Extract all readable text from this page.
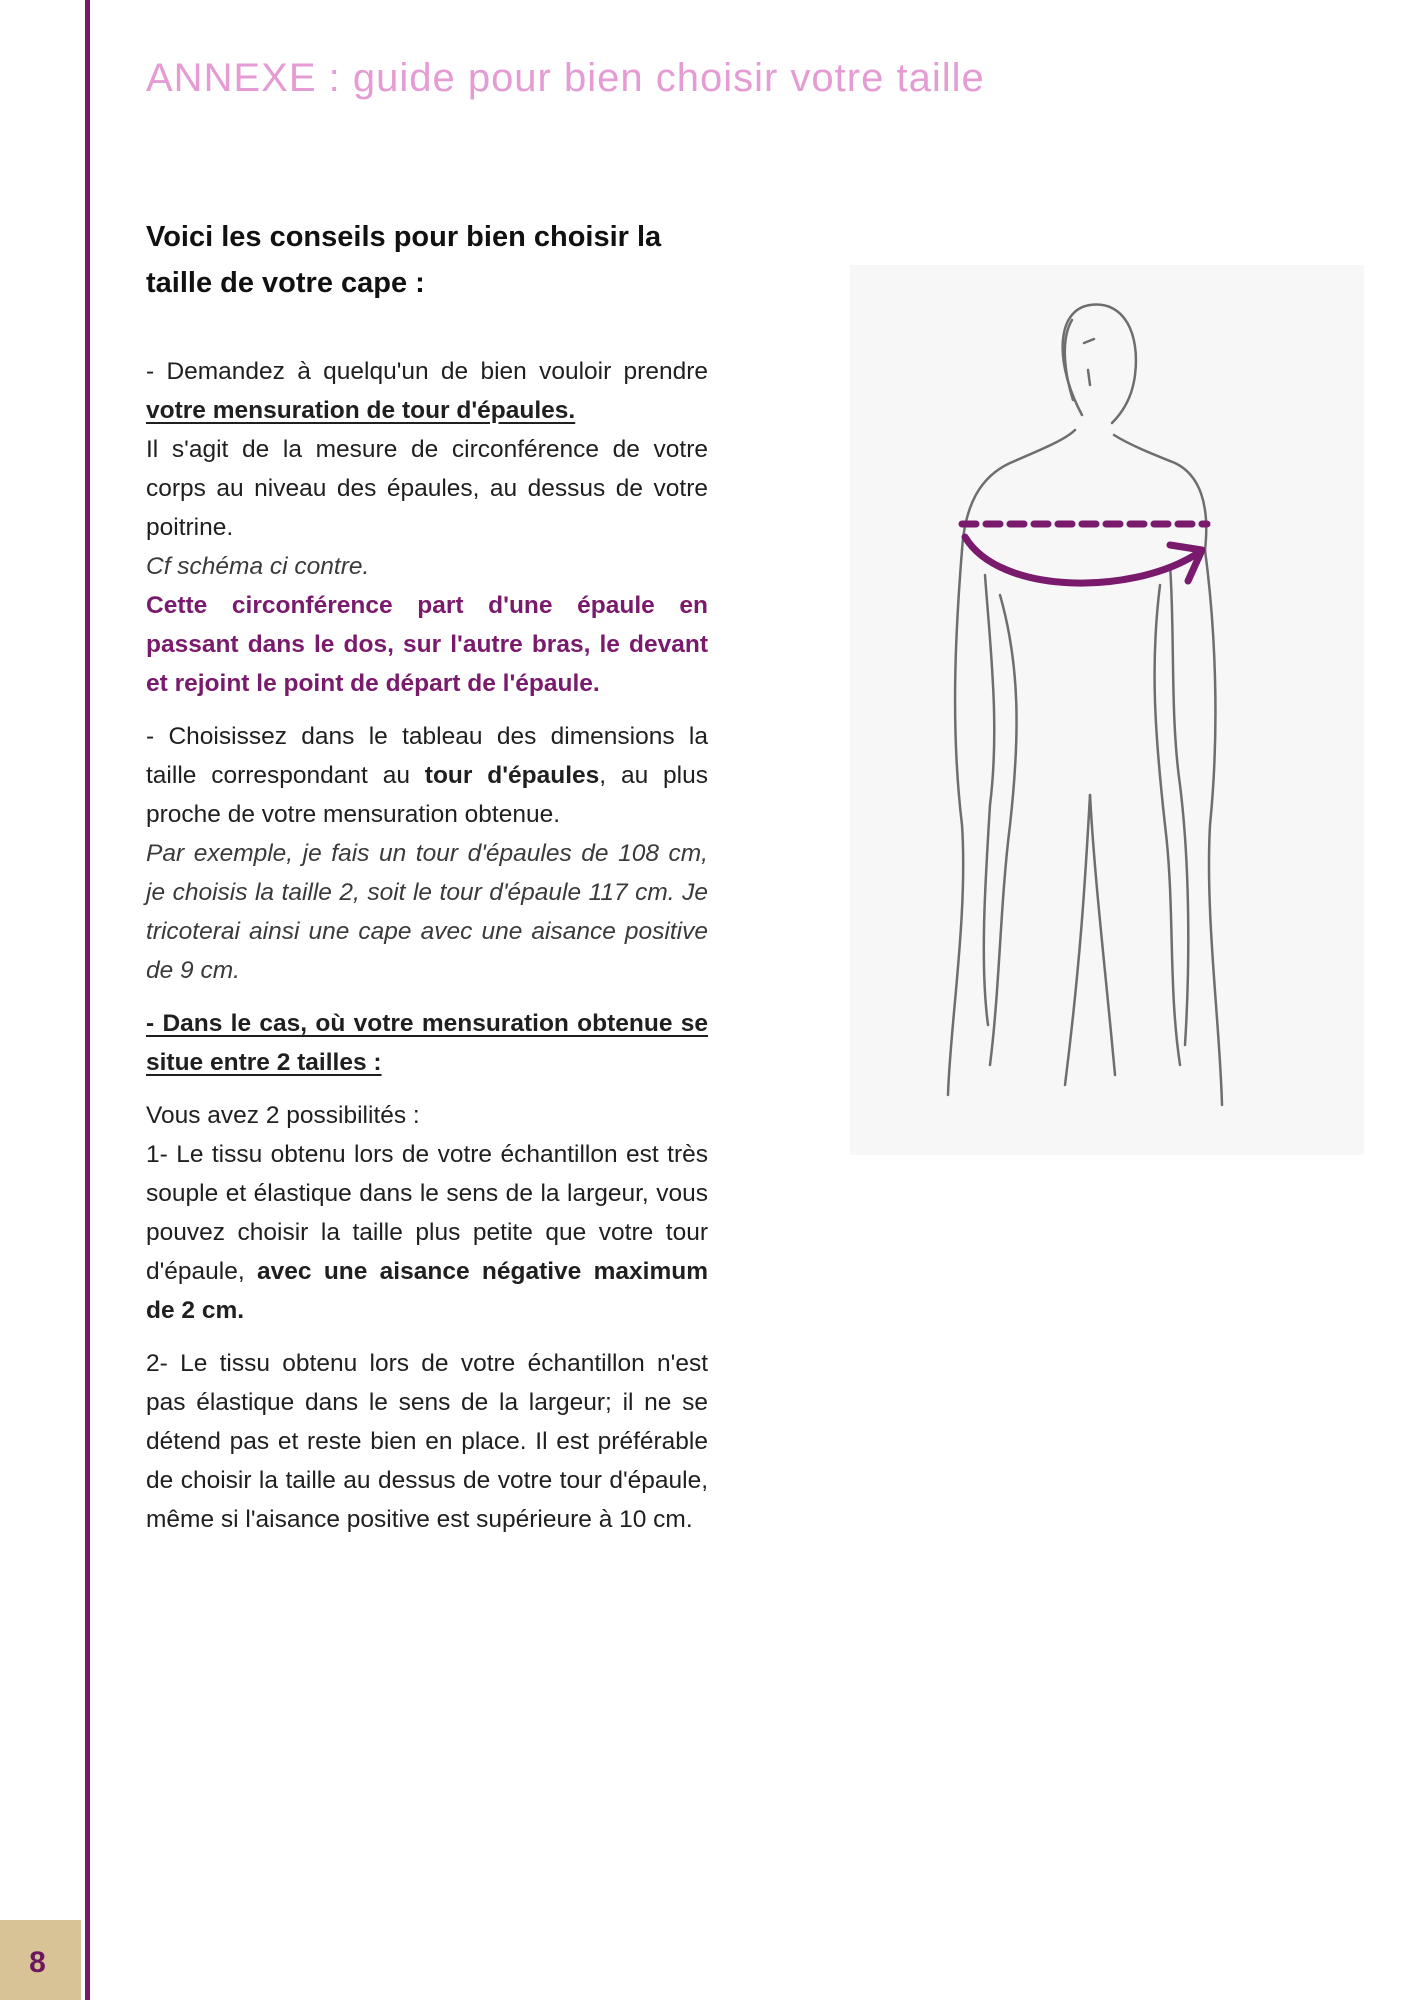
ANNEXE : guide pour bien choisir votre taille
Voici les conseils pour bien choisir la taille de votre cape :

- Demandez à quelqu'un de bien vouloir prendre votre mensuration de tour d'épaules.

Il s'agit de la mesure de circonférence de votre corps au niveau des épaules, au dessus de votre poitrine.

Cf schéma ci contre.

Cette circonférence part d'une épaule en passant dans le dos, sur l'autre bras, le devant et rejoint le point de départ de l'épaule.

- Choisissez dans le tableau des dimensions la taille correspondant au tour d'épaules, au plus proche de votre mensuration obtenue.

Par exemple, je fais un tour d'épaules de 108 cm, je choisis la taille 2, soit le tour d'épaule 117 cm. Je tricoterai ainsi une cape avec une aisance positive de 9 cm.

- Dans le cas, où votre mensuration obtenue se situe entre 2 tailles :

Vous avez 2 possibilités :

1- Le tissu obtenu lors de votre échantillon est très souple et élastique dans le sens de la largeur, vous pouvez choisir la taille plus petite que votre tour d'épaule, avec une aisance négative maximum de 2 cm.

2- Le tissu obtenu lors de votre échantillon n'est pas élastique dans le sens de la largeur; il ne se détend pas et reste bien en place. Il est préférable de choisir la taille au dessus de votre tour d'épaule, même si l'aisance positive est supérieure à 10 cm.

8
